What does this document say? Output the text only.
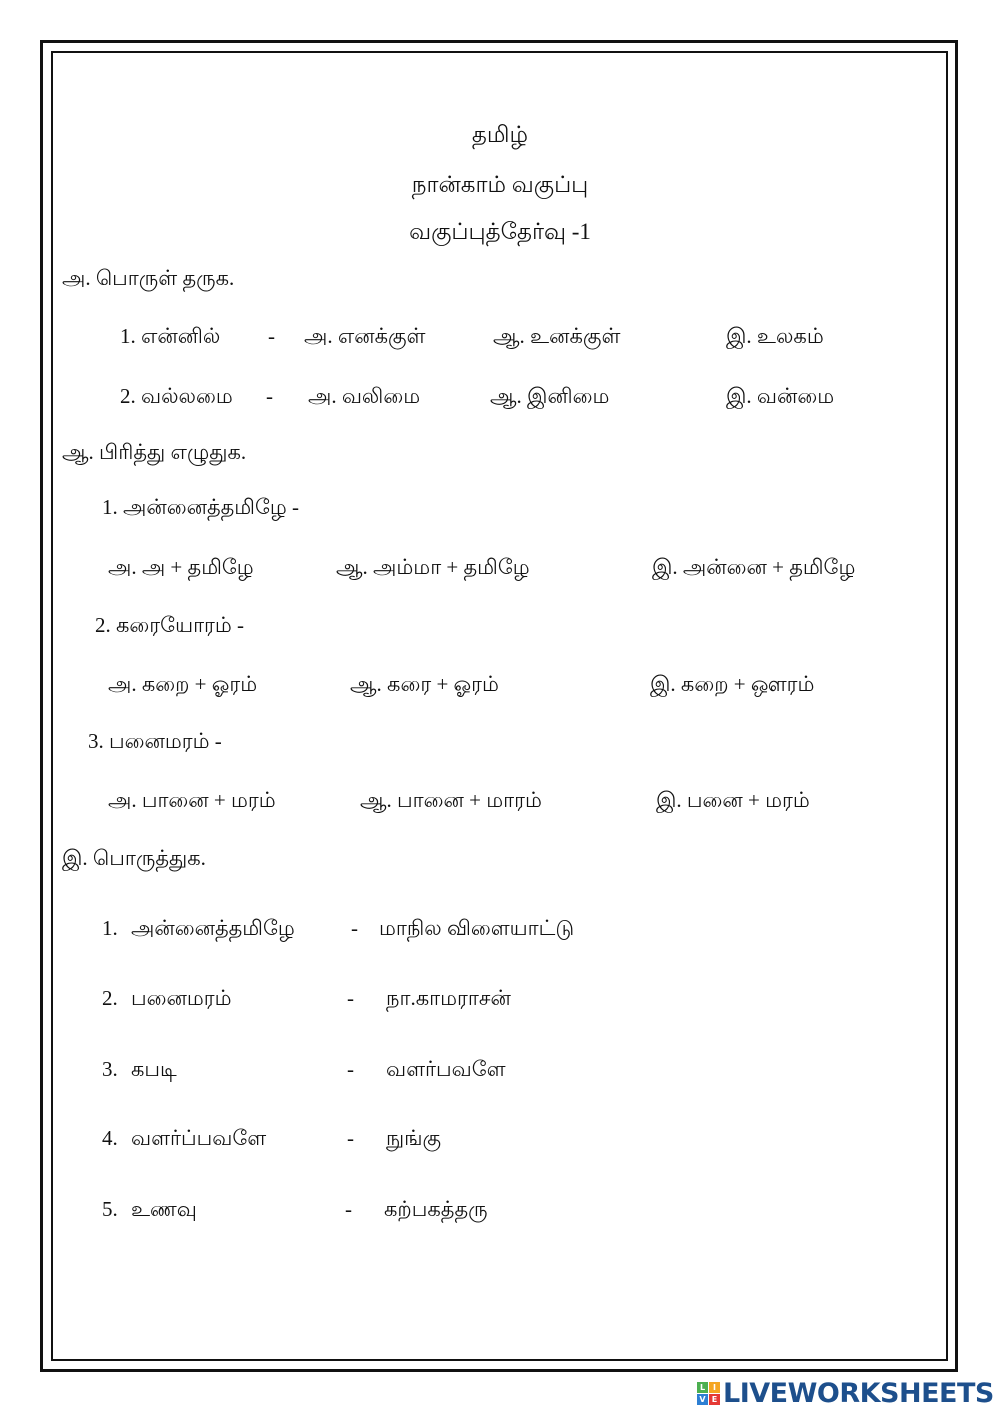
தமிழ்
நான்காம் வகுப்பு
வகுப்புத்தேர்வு -1
அ. பொருள் தருக.
1. என்னில் - அ. எனக்குள்	ஆ. உனக்குள்	இ. உலகம்
2. வல்லமை - அ. வலிமை	ஆ. இனிமை	இ. வன்மை
ஆ. பிரித்து எழுதுக.
1. அன்னைத்தமிழே -
அ. அ + தமிழே	ஆ. அம்மா + தமிழே	இ. அன்னை + தமிழே
2. கரையோரம் -
அ. கறை + ஓரம்	ஆ. கரை + ஓரம்	இ. கறை + ஔரம்
3. பனைமரம் -
அ. பானை + மரம்	ஆ. பானை + மாரம்	இ. பனை + மரம்
இ. பொருத்துக.
1. அன்னைத்தமிழே	- மாநில விளையாட்டு
2. பனைமரம்	- நா.காமராசன்
3. கபடி	- வளர்பவளே
4. வளர்ப்பவளே	- நுங்கு
5. உணவு	- கற்பகத்தரு
L I
V E LIVEWORKSHEETS
